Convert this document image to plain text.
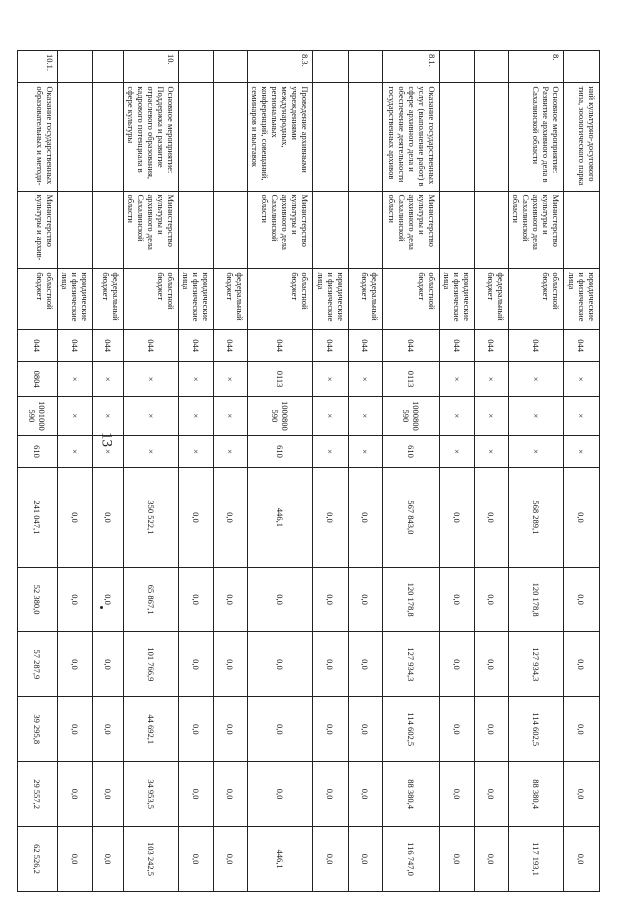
13
	ний культурно-досугового типа, зоологического парка		юридические и физические лица	044	×	×	×	0,0	0,0	0,0	0,0	0,0	0,0
8.	Основное мероприятие: Развитие архивного дела в Сахалинской области	Министерство культуры и архивного дела Сахалинской области	областной бюджет	044	×	×	×	568 289,1	120 178,8	127 934,3	114 602,5	88 380,4	117 193,1
			федеральный бюджет	044	×	×	×	0,0	0,0	0,0	0,0	0,0	0,0
			юридические и физические лица	044	×	×	×	0,0	0,0	0,0	0,0	0,0	0,0
8.1.	Оказание государственных услуг (выполнение работ) в сфере архивного дела и обеспечение деятельности государственных архивов	Министерство культуры и архивного дела Сахалинской области	областной бюджет	044	0113	1000800590	610	567 843,0	120 178,8	127 934,3	114 602,5	88 380,4	116 747,0
			федеральный бюджет	044	×	×	×	0,0	0,0	0,0	0,0	0,0	0,0
			юридические и физические лица	044	×	×	×	0,0	0,0	0,0	0,0	0,0	0,0
8.3.	Проведение архивными учреждениями международных, региональных конференций, совещаний, семинаров и выставок	Министерство культуры и архивного дела Сахалинской области	областной бюджет	044	0113	1000800590	610	446,1	0,0	0,0	0,0	0,0	446,1
			федеральный бюджет	044	×	×	×	0,0	0,0	0,0	0,0	0,0	0,0
			юридические и физические лица	044	×	×	×	0,0	0,0	0,0	0,0	0,0	0,0
10.	Основное мероприятие: Поддержка и развитие отраслевого образования, кадрового потенциала в сфере культуры	Министерство культуры и архивного дела Сахалинской области	областной бюджет	044	×	×	×	350 522,1	65 867,1	101 766,9	44 692,1	34 953,5	103 242,5
			федеральный бюджет	044	×	×	×	0,0	0,0	0,0	0,0	0,0	0,0
			юридические и физические лица	044	×	×	×	0,0	0,0	0,0	0,0	0,0	0,0
10.1.	Оказание государственных образовательных и методи-	Министерство культуры и архив-	областной бюджет	044	0804	1001000590	610	241 047,1	52 380,0	57 287,9	39 295,8	29 557,2	62 526,2
